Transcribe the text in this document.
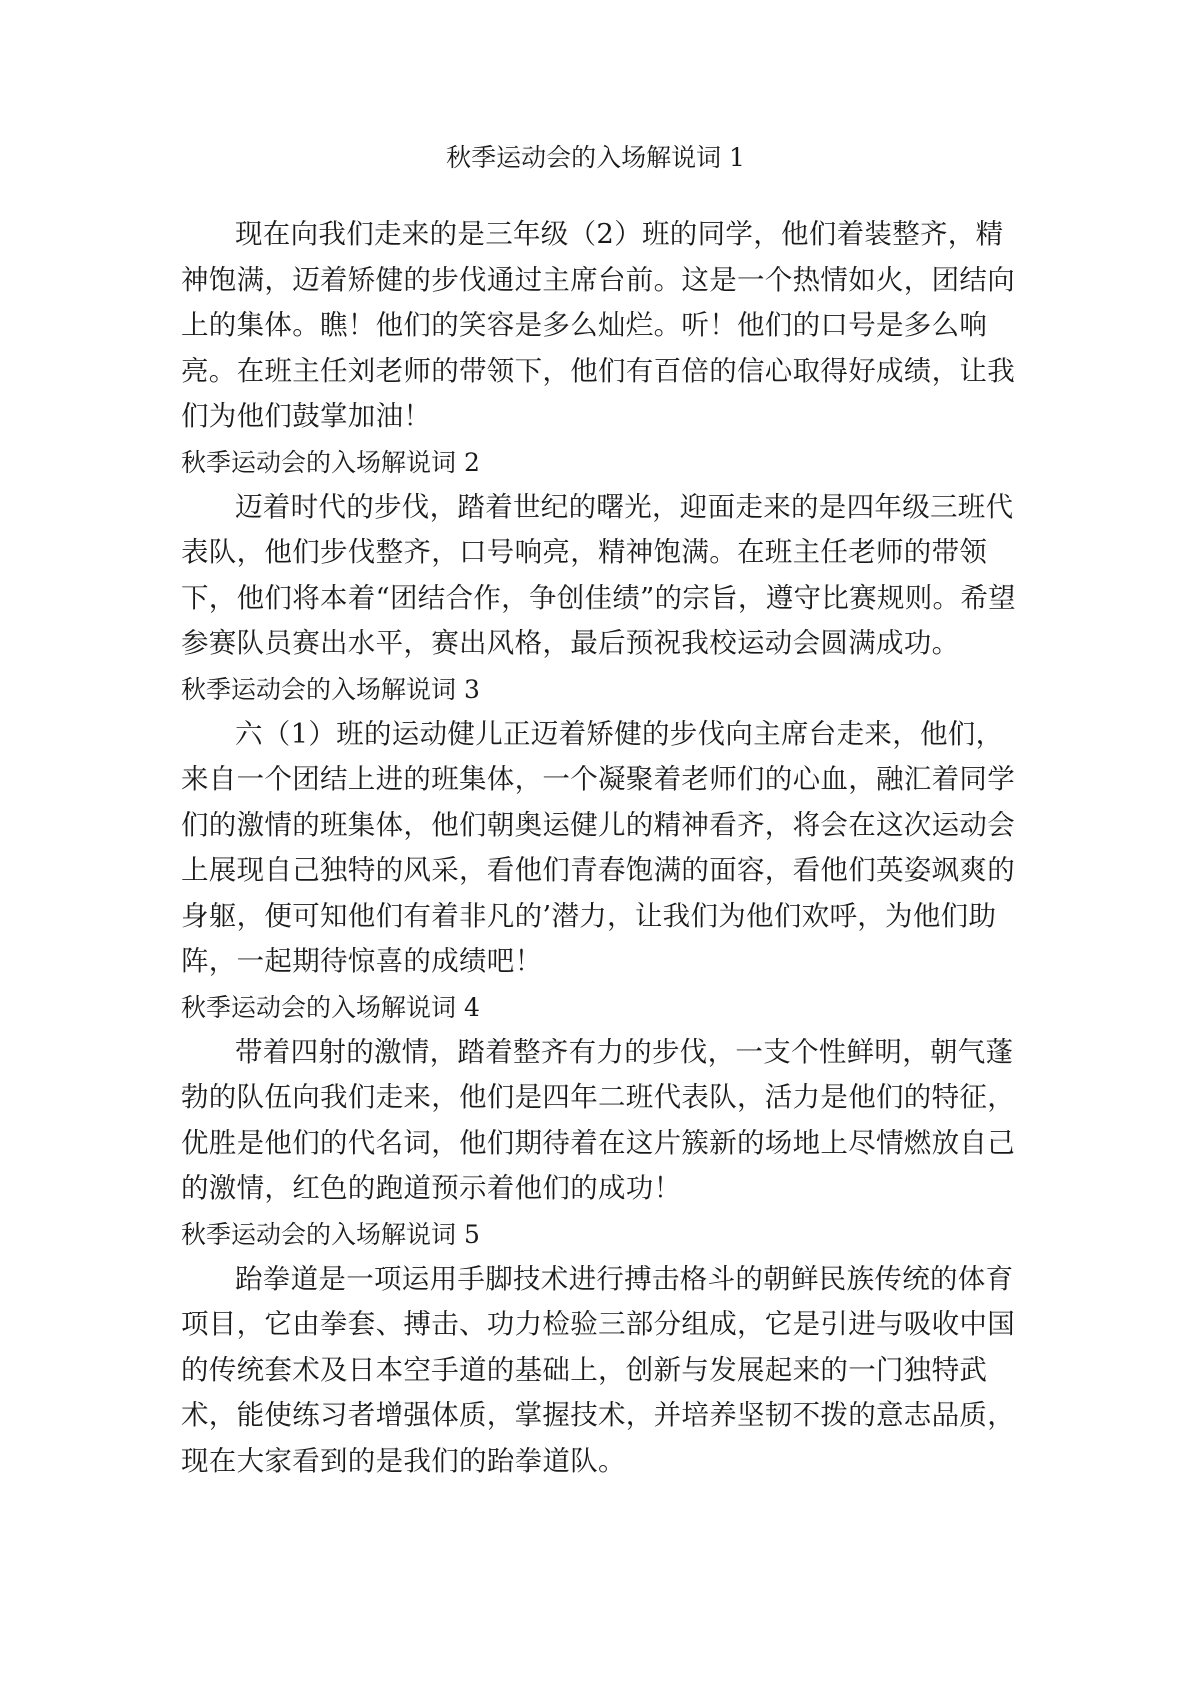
秋季运动会的入场解说词 1

现在向我们走来的是三年级（2）班的同学，他们着装整齐，精神饱满，迈着矫健的步伐通过主席台前。这是一个热情如火，团结向上的集体。瞧！他们的笑容是多么灿烂。听！他们的口号是多么响亮。在班主任刘老师的带领下，他们有百倍的信心取得好成绩，让我们为他们鼓掌加油！

秋季运动会的入场解说词 2

迈着时代的步伐，踏着世纪的曙光，迎面走来的是四年级三班代表队，他们步伐整齐，口号响亮，精神饱满。在班主任老师的带领下，他们将本着“团结合作，争创佳绩”的宗旨，遵守比赛规则。希望参赛队员赛出水平，赛出风格，最后预祝我校运动会圆满成功。

秋季运动会的入场解说词 3

六（1）班的运动健儿正迈着矫健的步伐向主席台走来，他们，来自一个团结上进的班集体，一个凝聚着老师们的心血，融汇着同学们的激情的班集体，他们朝奥运健儿的精神看齐，将会在这次运动会上展现自己独特的风采，看他们青春饱满的面容，看他们英姿飒爽的身躯，便可知他们有着非凡的’潜力，让我们为他们欢呼，为他们助阵，一起期待惊喜的成绩吧！

秋季运动会的入场解说词 4

带着四射的激情，踏着整齐有力的步伐，一支个性鲜明，朝气蓬勃的队伍向我们走来，他们是四年二班代表队，活力是他们的特征，优胜是他们的代名词，他们期待着在这片簇新的场地上尽情燃放自己的激情，红色的跑道预示着他们的成功！

秋季运动会的入场解说词 5

跆拳道是一项运用手脚技术进行搏击格斗的朝鲜民族传统的体育项目，它由拳套、搏击、功力检验三部分组成，它是引进与吸收中国的传统套术及日本空手道的基础上，创新与发展起来的一门独特武术，能使练习者增强体质，掌握技术，并培养坚韧不拨的意志品质，现在大家看到的是我们的跆拳道队。
